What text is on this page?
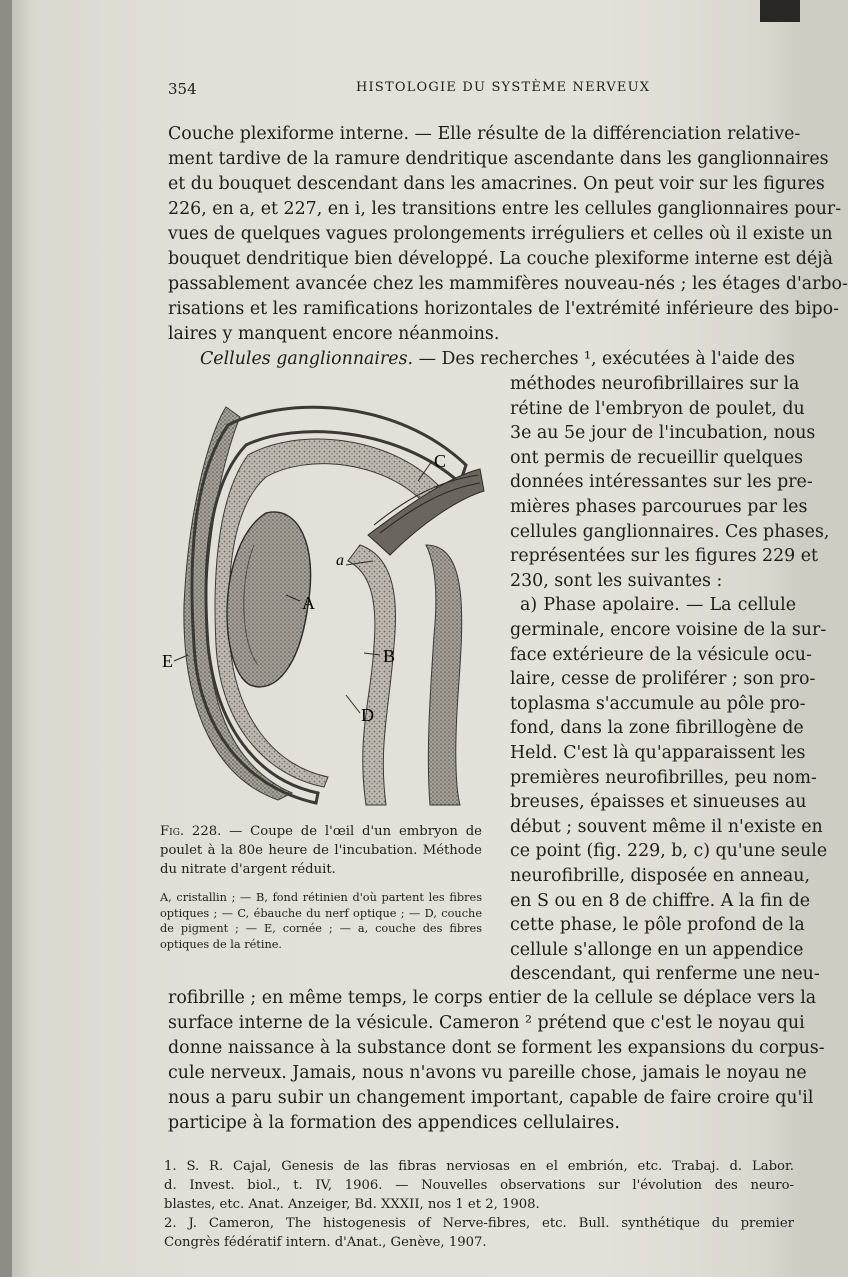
354	HISTOLOGIE DU SYSTÈME NERVEUX
Couche plexiforme interne. — Elle résulte de la différenciation relative-
ment tardive de la ramure dendritique ascendante dans les ganglionnaires
et du bouquet descendant dans les amacrines. On peut voir sur les figures
226, en a, et 227, en i, les transitions entre les cellules ganglionnaires pour-
vues de quelques vagues prolongements irréguliers et celles où il existe un
bouquet dendritique bien développé. La couche plexiforme interne est déjà
passablement avancée chez les mammifères nouveau-nés ; les étages d'arbo-
risations et les ramifications horizontales de l'extrémité inférieure des bipo-
laires y manquent encore néanmoins.
Cellules ganglionnaires. — Des recherches ¹, exécutées à l'aide des
méthodes neurofibrillaires sur la
rétine de l'embryon de poulet, du
3e au 5e jour de l'incubation, nous
ont permis de recueillir quelques
données intéressantes sur les pre-
mières phases parcourues par les
cellules ganglionnaires. Ces phases,
représentées sur les figures 229 et
230, sont les suivantes :
a) Phase apolaire. — La cellule
germinale, encore voisine de la sur-
face extérieure de la vésicule ocu-
laire, cesse de proliférer ; son pro-
toplasma s'accumule au pôle pro-
fond, dans la zone fibrillogène de
Held. C'est là qu'apparaissent les
premières neurofibrilles, peu nom-
breuses, épaisses et sinueuses au
début ; souvent même il n'existe en
ce point (fig. 229, b, c) qu'une seule
neurofibrille, disposée en anneau,
en S ou en 8 de chiffre. A la fin de
cette phase, le pôle profond de la
cellule s'allonge en un appendice
descendant, qui renferme une neu-
C
a
A
B
D
E
Fig. 228. — Coupe de l'œil d'un embryon de poulet à la 80e heure de l'incubation. Méthode du nitrate d'argent réduit.
A, cristallin ; — B, fond rétinien d'où partent les fibres optiques ; — C, ébauche du nerf optique ; — D, couche de pigment ; — E, cornée ; — a, couche des fibres optiques de la rétine.
rofibrille ; en même temps, le corps entier de la cellule se déplace vers la
surface interne de la vésicule. Cameron ² prétend que c'est le noyau qui
donne naissance à la substance dont se forment les expansions du corpus-
cule nerveux. Jamais, nous n'avons vu pareille chose, jamais le noyau ne
nous a paru subir un changement important, capable de faire croire qu'il
participe à la formation des appendices cellulaires.
1. S. R. Cajal, Genesis de las fibras nerviosas en el embrión, etc. Trabaj. d. Labor.
d. Invest. biol., t. IV, 1906. — Nouvelles observations sur l'évolution des neuro-
blastes, etc. Anat. Anzeiger, Bd. XXXII, nos 1 et 2, 1908.
2. J. Cameron, The histogenesis of Nerve-fibres, etc. Bull. synthétique du premier
Congrès fédératif intern. d'Anat., Genève, 1907.
